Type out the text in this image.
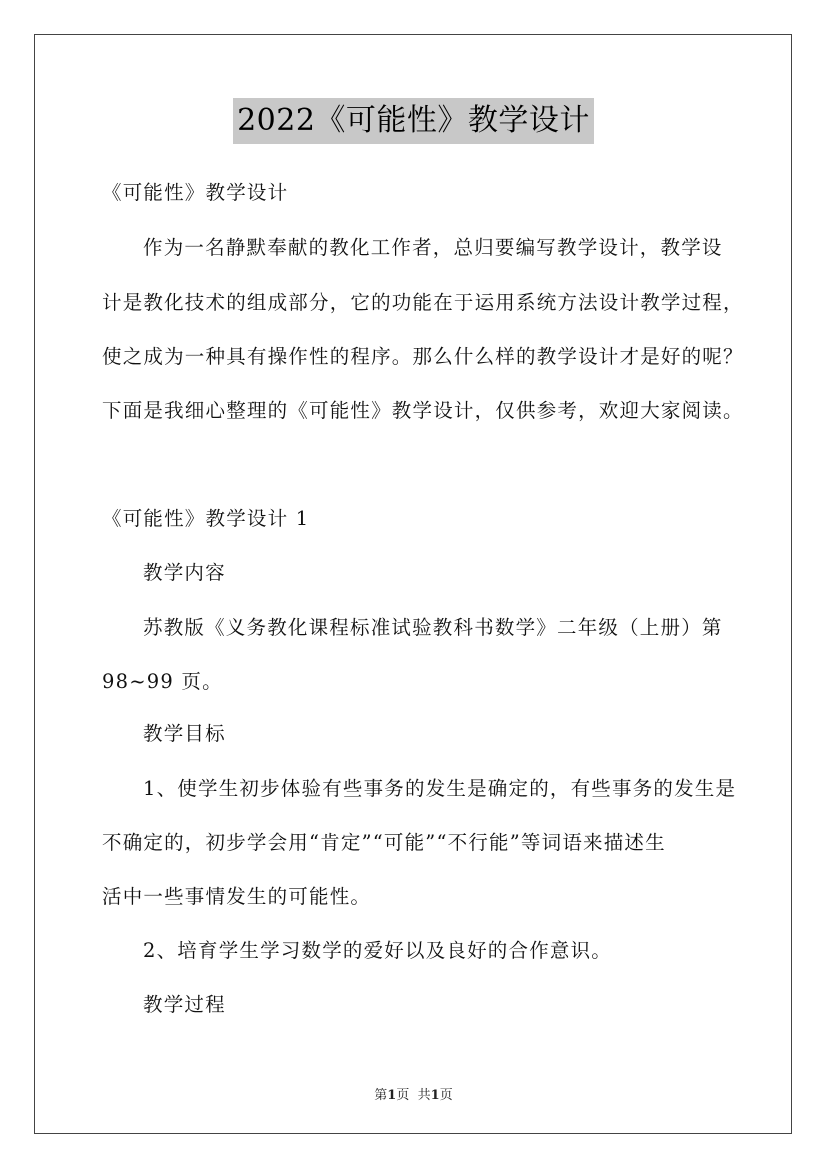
2022《可能性》教学设计
《可能性》教学设计
作为一名静默奉献的教化工作者，总归要编写教学设计，教学设
计是教化技术的组成部分，它的功能在于运用系统方法设计教学过程，
使之成为一种具有操作性的程序。那么什么样的教学设计才是好的呢？
下面是我细心整理的《可能性》教学设计，仅供参考，欢迎大家阅读。
《可能性》教学设计 1
教学内容
苏教版《义务教化课程标准试验教科书数学》二年级（上册）第
98~99 页。
教学目标
1、使学生初步体验有些事务的发生是确定的，有些事务的发生是
不确定的，初步学会用“肯定”“可能”“不行能”等词语来描述生
活中一些事情发生的可能性。
2、培育学生学习数学的爱好以及良好的合作意识。
教学过程
第1页 共1页
